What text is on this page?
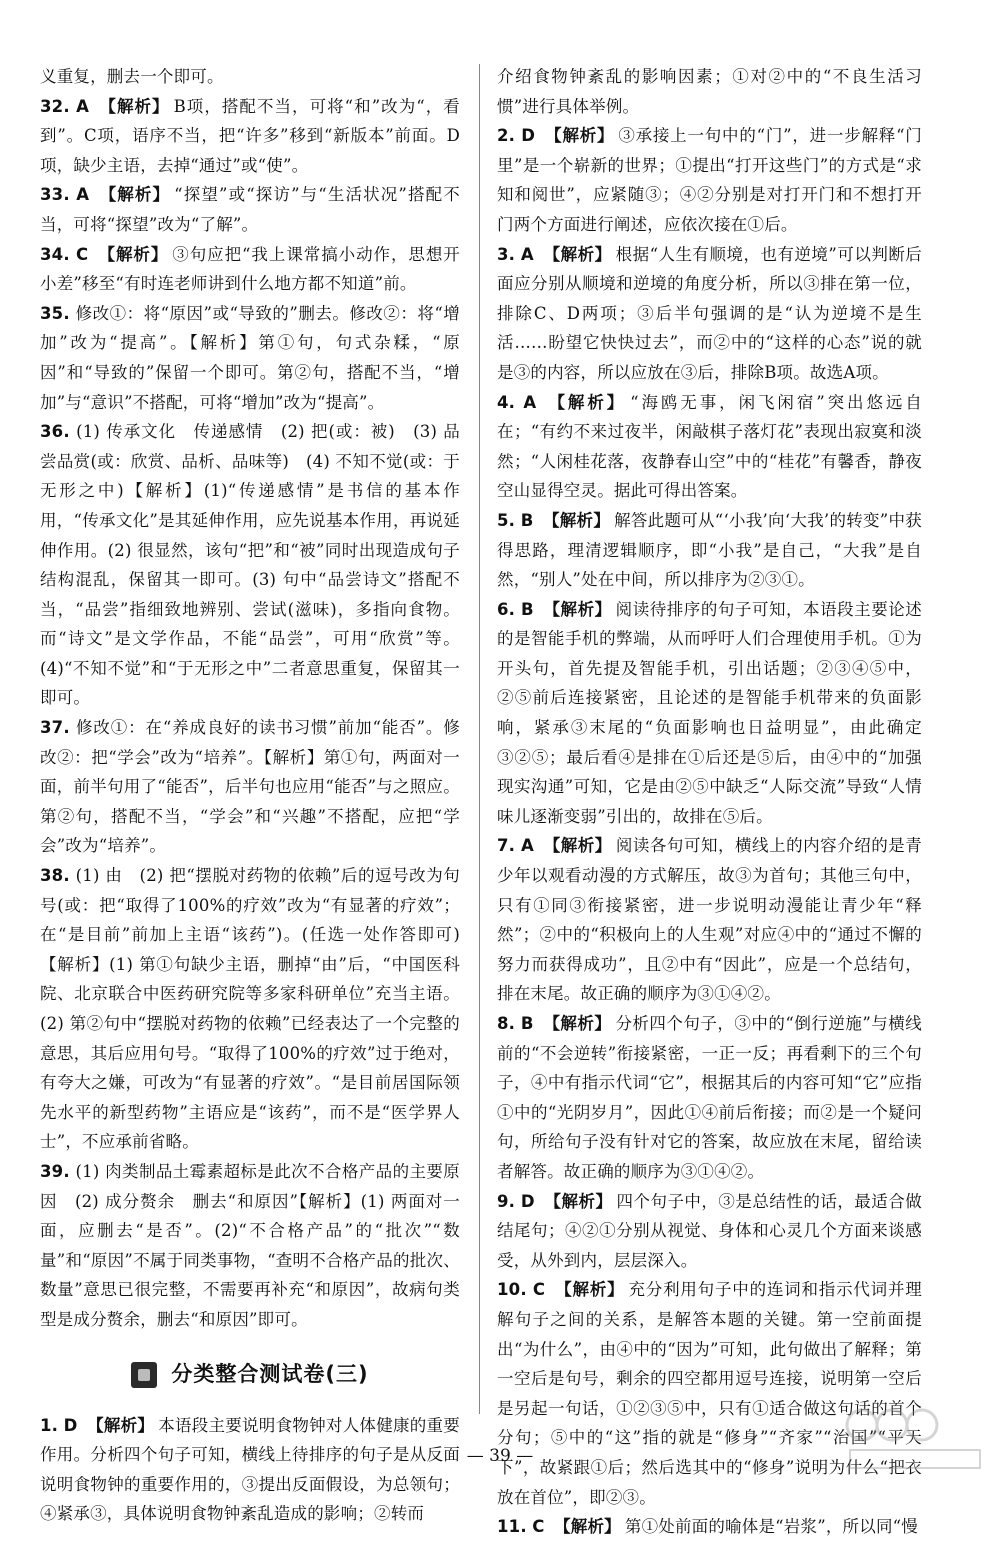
义重复，删去一个即可。

32. A 【解析】 B项，搭配不当，可将“和”改为“，看到”。C项，语序不当，把“许多”移到“新版本”前面。D项，缺少主语，去掉“通过”或“使”。

33. A 【解析】 “探望”或“探访”与“生活状况”搭配不当，可将“探望”改为“了解”。

34. C 【解析】 ③句应把“我上课常搞小动作，思想开小差”移至“有时连老师讲到什么地方都不知道”前。

35. 修改①：将“原因”或“导致的”删去。修改②：将“增加”改为“提高”。【解析】第①句，句式杂糅，“原因”和“导致的”保留一个即可。第②句，搭配不当，“增加”与“意识”不搭配，可将“增加”改为“提高”。

36. (1) 传承文化　传递感情　(2) 把(或：被)　(3) 品尝品赏(或：欣赏、品析、品味等)　(4) 不知不觉(或：于无形之中)【解析】(1)“传递感情”是书信的基本作用，“传承文化”是其延伸作用，应先说基本作用，再说延伸作用。(2) 很显然，该句“把”和“被”同时出现造成句子结构混乱，保留其一即可。(3) 句中“品尝诗文”搭配不当，“品尝”指细致地辨别、尝试(滋味)，多指向食物。而“诗文”是文学作品，不能“品尝”，可用“欣赏”等。(4)“不知不觉”和“于无形之中”二者意思重复，保留其一即可。

37. 修改①：在“养成良好的读书习惯”前加“能否”。修改②：把“学会”改为“培养”。【解析】第①句，两面对一面，前半句用了“能否”，后半句也应用“能否”与之照应。第②句，搭配不当，“学会”和“兴趣”不搭配，应把“学会”改为“培养”。

38. (1) 由　(2) 把“摆脱对药物的依赖”后的逗号改为句号(或：把“取得了100%的疗效”改为“有显著的疗效”；在“是目前”前加上主语“该药”)。(任选一处作答即可)【解析】(1) 第①句缺少主语，删掉“由”后，“中国医科院、北京联合中医药研究院等多家科研单位”充当主语。(2) 第②句中“摆脱对药物的依赖”已经表达了一个完整的意思，其后应用句号。“取得了100%的疗效”过于绝对，有夸大之嫌，可改为“有显著的疗效”。“是目前居国际领先水平的新型药物”主语应是“该药”，而不是“医学界人士”，不应承前省略。

39. (1) 肉类制品土霉素超标是此次不合格产品的主要原因　(2) 成分赘余　删去“和原因”【解析】(1) 两面对一面，应删去“是否”。(2)“不合格产品”的“批次”“数量”和“原因”不属于同类事物，“查明不合格产品的批次、数量”意思已很完整，不需要再补充“和原因”，故病句类型是成分赘余，删去“和原因”即可。

分类整合测试卷(三)

1. D 【解析】 本语段主要说明食物钟对人体健康的重要作用。分析四个句子可知，横线上待排序的句子是从反面说明食物钟的重要作用的，③提出反面假设，为总领句；④紧承③，具体说明食物钟紊乱造成的影响；②转而

介绍食物钟紊乱的影响因素；①对②中的“不良生活习惯”进行具体举例。

2. D 【解析】 ③承接上一句中的“门”，进一步解释“门里”是一个崭新的世界；①提出“打开这些门”的方式是“求知和阅世”，应紧随③；④②分别是对打开门和不想打开门两个方面进行阐述，应依次接在①后。

3. A 【解析】 根据“人生有顺境，也有逆境”可以判断后面应分别从顺境和逆境的角度分析，所以③排在第一位，排除C、D两项；③后半句强调的是“认为逆境不是生活……盼望它快快过去”，而②中的“这样的心态”说的就是③的内容，所以应放在③后，排除B项。故选A项。

4. A 【解析】 “海鸥无事，闲飞闲宿”突出悠远自在；“有约不来过夜半，闲敲棋子落灯花”表现出寂寞和淡然；“人闲桂花落，夜静春山空”中的“桂花”有馨香，静夜空山显得空灵。据此可得出答案。

5. B 【解析】 解答此题可从“‘小我’向‘大我’的转变”中获得思路，理清逻辑顺序，即“小我”是自己，“大我”是自然，“别人”处在中间，所以排序为②③①。

6. B 【解析】 阅读待排序的句子可知，本语段主要论述的是智能手机的弊端，从而呼吁人们合理使用手机。①为开头句，首先提及智能手机，引出话题；②③④⑤中，②⑤前后连接紧密，且论述的是智能手机带来的负面影响，紧承③末尾的“负面影响也日益明显”，由此确定③②⑤；最后看④是排在①后还是⑤后，由④中的“加强现实沟通”可知，它是由②⑤中缺乏“人际交流”导致“人情味儿逐渐变弱”引出的，故排在⑤后。

7. A 【解析】 阅读各句可知，横线上的内容介绍的是青少年以观看动漫的方式解压，故③为首句；其他三句中，只有①同③衔接紧密，进一步说明动漫能让青少年“释然”；②中的“积极向上的人生观”对应④中的“通过不懈的努力而获得成功”，且②中有“因此”，应是一个总结句，排在末尾。故正确的顺序为③①④②。

8. B 【解析】 分析四个句子，③中的“倒行逆施”与横线前的“不会逆转”衔接紧密，一正一反；再看剩下的三个句子，④中有指示代词“它”，根据其后的内容可知“它”应指①中的“光阴岁月”，因此①④前后衔接；而②是一个疑问句，所给句子没有针对它的答案，故应放在末尾，留给读者解答。故正确的顺序为③①④②。

9. D 【解析】 四个句子中，③是总结性的话，最适合做结尾句；④②①分别从视觉、身体和心灵几个方面来谈感受，从外到内，层层深入。

10. C 【解析】 充分利用句子中的连词和指示代词并理解句子之间的关系，是解答本题的关键。第一空前面提出“为什么”，由④中的“因为”可知，此句做出了解释；第一空后是句号，剩余的四空都用逗号连接，说明第一空后是另起一句话，①②③⑤中，只有①适合做这句话的首个分句；⑤中的“这”指的就是“修身”“齐家”“治国”“平天下”，故紧跟①后；然后选其中的“修身”说明为什么“把衣放在首位”，即②③。

11. C 【解析】 第①处前面的喻体是“岩浆”，所以同“慢

— 39 —
